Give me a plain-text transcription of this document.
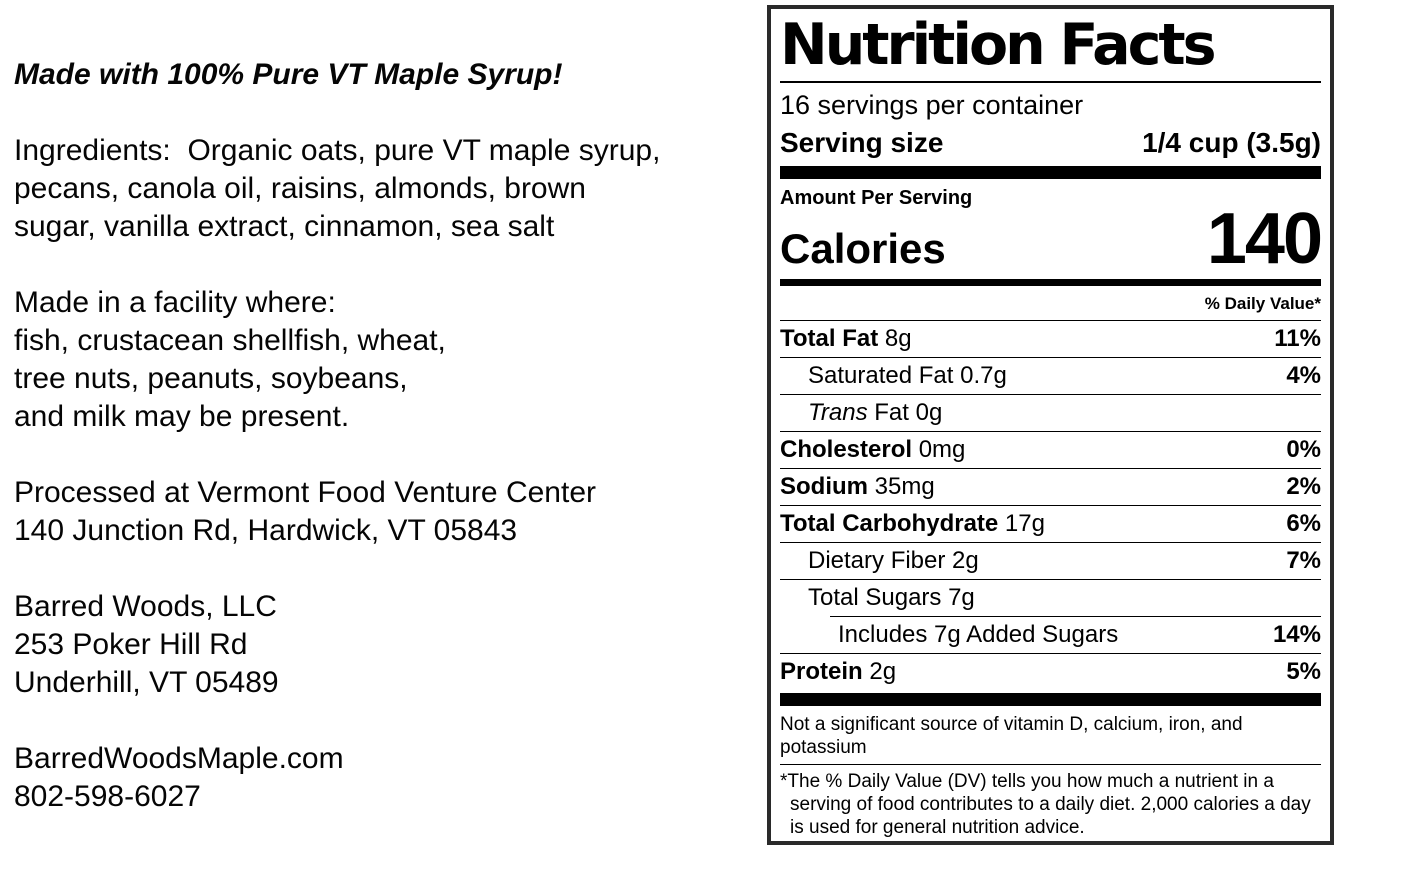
Made with 100% Pure VT Maple Syrup!

Ingredients:  Organic oats, pure VT maple syrup,
pecans, canola oil, raisins, almonds, brown
sugar, vanilla extract, cinnamon, sea salt

Made in a facility where:
fish, crustacean shellfish, wheat,
tree nuts, peanuts, soybeans,
and milk may be present.

Processed at Vermont Food Venture Center
140 Junction Rd, Hardwick, VT 05843

Barred Woods, LLC
253 Poker Hill Rd
Underhill, VT 05489

BarredWoodsMaple.com
802-598-6027

Nutrition Facts
16 servings per container
Serving size	1/4 cup (3.5g)
Amount Per Serving
Calories	140
% Daily Value*
Total Fat 8g	11%
Saturated Fat 0.7g	4%
Trans Fat 0g
Cholesterol 0mg	0%
Sodium 35mg	2%
Total Carbohydrate 17g	6%
Dietary Fiber 2g	7%
Total Sugars 7g
Includes 7g Added Sugars	14%
Protein 2g	5%
Not a significant source of vitamin D, calcium, iron, and potassium
*The % Daily Value (DV) tells you how much a nutrient in a serving of food contributes to a daily diet. 2,000 calories a day is used for general nutrition advice.
